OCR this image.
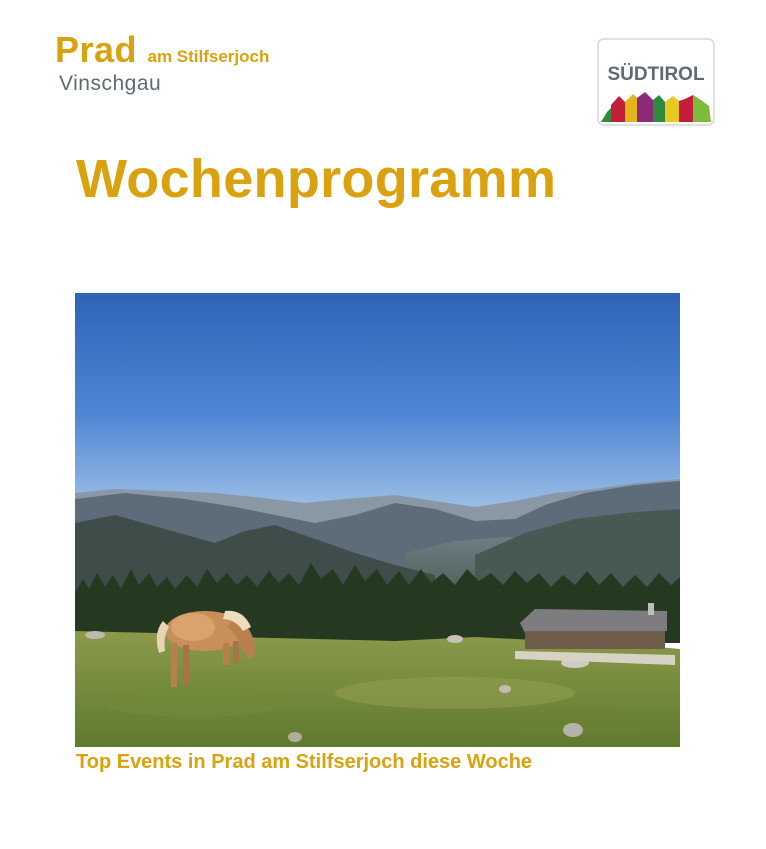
Prad am Stilfserjoch
Vinschgau	SÜDTIROL
Wochenprogramm
Top Events in Prad am Stilfserjoch diese Woche
